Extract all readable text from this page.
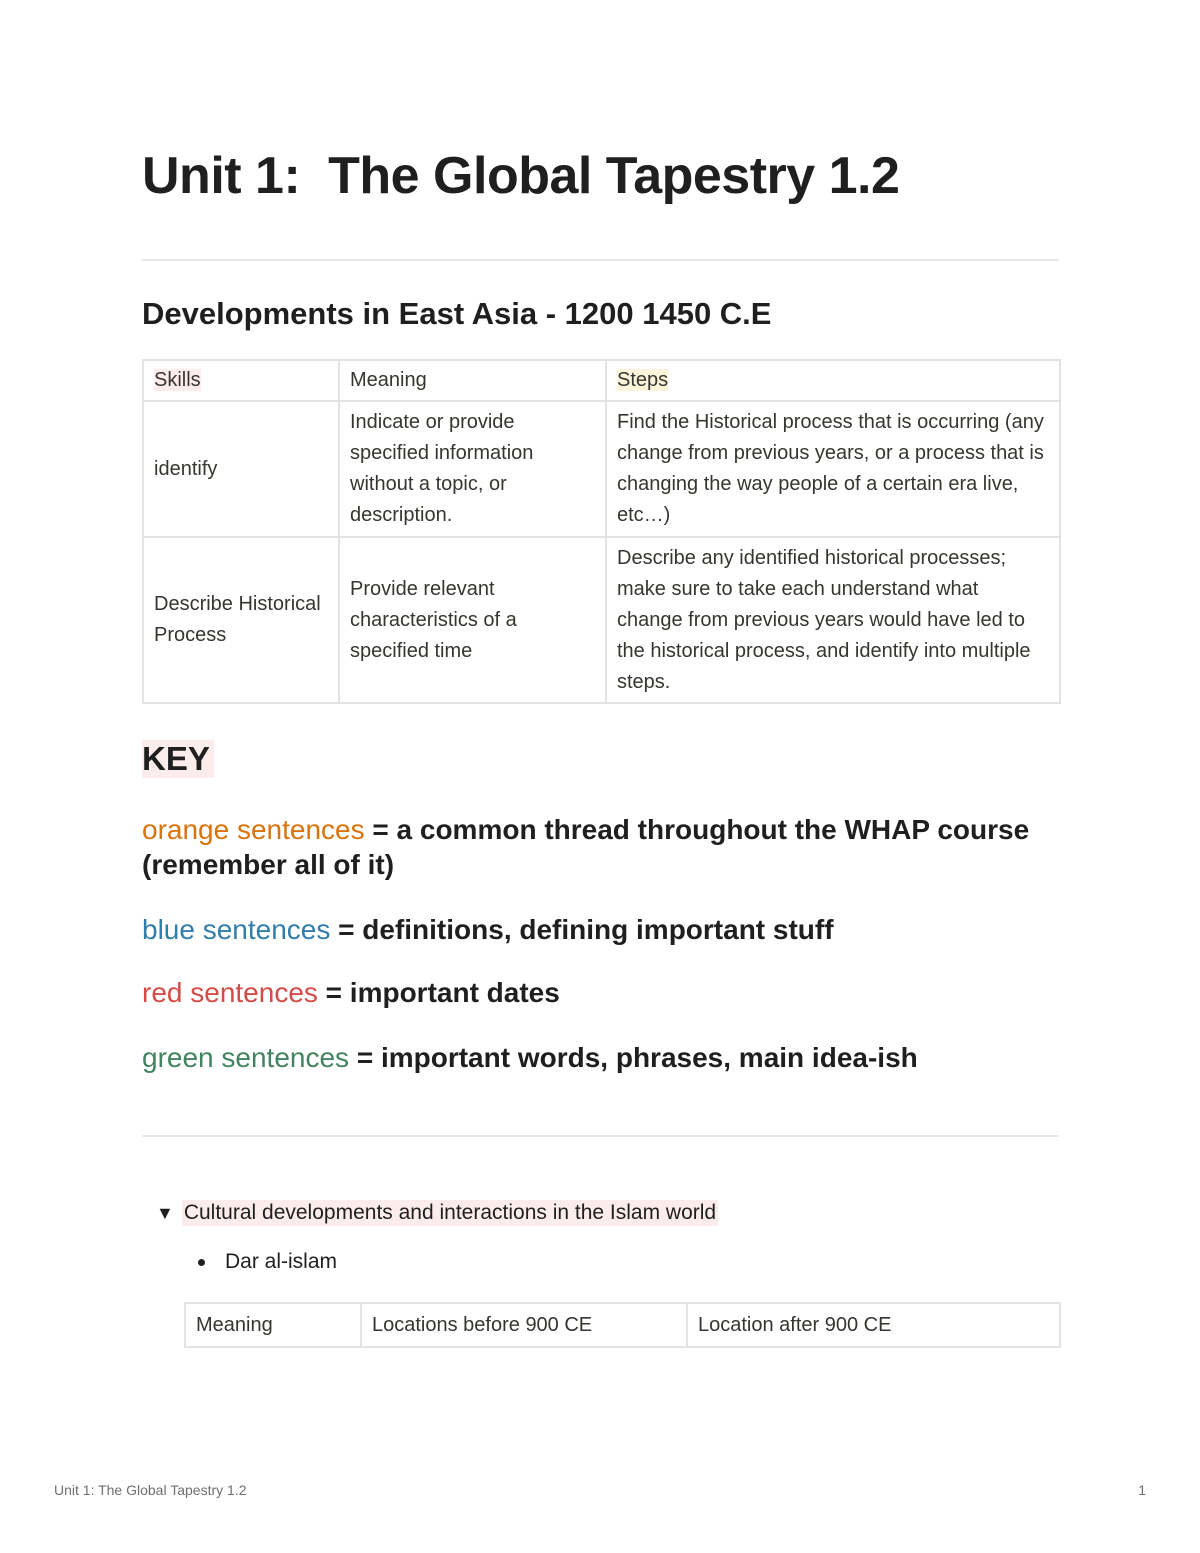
Unit 1:  The Global Tapestry 1.2
Developments in East Asia - 1200 1450 C.E
Skills	Meaning	Steps
identify	Indicate or provide specified information without a topic, or description.	Find the Historical process that is occurring (any change from previous years, or a process that is changing the way people of a certain era live, etc…)
Describe Historical Process	Provide relevant characteristics of a specified time	Describe any identified historical processes; make sure to take each understand what change from previous years would have led to the historical process, and identify into multiple steps.
KEY

orange sentences = a common thread throughout the WHAP course (remember all of it)

blue sentences = definitions, defining important stuff

red sentences = important dates

green sentences = important words, phrases, main idea-ish

▼ Cultural developments and interactions in the Islam world
Dar al-islam
Meaning	Locations before 900 CE	Location after 900 CE
Unit 1: The Global Tapestry 1.2	1
